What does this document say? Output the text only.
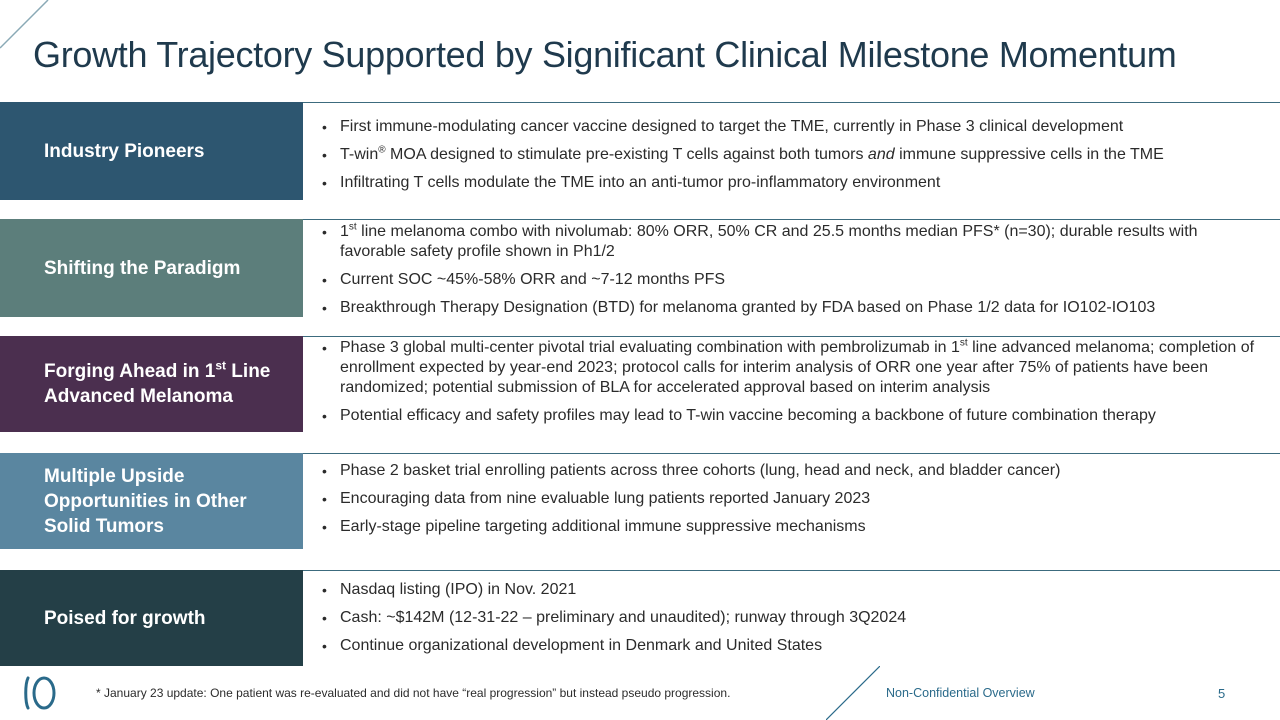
Growth Trajectory Supported by Significant Clinical Milestone Momentum
Industry Pioneers
• First immune-modulating cancer vaccine designed to target the TME, currently in Phase 3 clinical development
• T-win® MOA designed to stimulate pre-existing T cells against both tumors and immune suppressive cells in the TME
• Infiltrating T cells modulate the TME into an anti-tumor pro-inflammatory environment
Shifting the Paradigm
• 1st line melanoma combo with nivolumab: 80% ORR, 50% CR and 25.5 months median PFS* (n=30); durable results with favorable safety profile shown in Ph1/2
• Current SOC ~45%-58% ORR and ~7-12 months PFS
• Breakthrough Therapy Designation (BTD) for melanoma granted by FDA based on Phase 1/2 data for IO102-IO103
Forging Ahead in 1st Line Advanced Melanoma
• Phase 3 global multi-center pivotal trial evaluating combination with pembrolizumab in 1st line advanced melanoma; completion of enrollment expected by year-end 2023; protocol calls for interim analysis of ORR one year after 75% of patients have been randomized; potential submission of BLA for accelerated approval based on interim analysis
• Potential efficacy and safety profiles may lead to T-win vaccine becoming a backbone of future combination therapy
Multiple Upside Opportunities in Other Solid Tumors
• Phase 2 basket trial enrolling patients across three cohorts (lung, head and neck, and bladder cancer)
• Encouraging data from nine evaluable lung patients reported January 2023
• Early-stage pipeline targeting additional immune suppressive mechanisms
Poised for growth
• Nasdaq listing (IPO) in Nov. 2021
• Cash: ~$142M (12-31-22 – preliminary and unaudited); runway through 3Q2024
• Continue organizational development in Denmark and United States
* January 23 update: One patient was re-evaluated and did not have “real progression” but instead pseudo progression.	Non-Confidential Overview	5
